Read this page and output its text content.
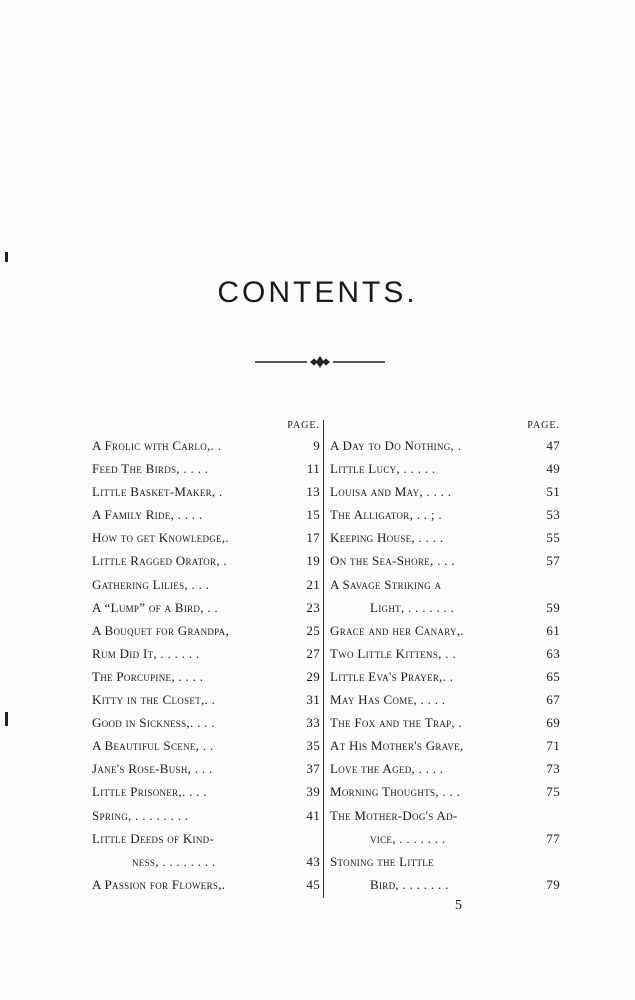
CONTENTS.
PAGE.
A Frolic with Carlo,. .	9
Feed The Birds, . . . .	11
Little Basket-Maker, .	13
A Family Ride, . . . .	15
How to get Knowledge,.	17
Little Ragged Orator, .	19
Gathering Lilies, . . .	21
A “Lump” of a Bird, . .	23
A Bouquet for Grandpa,	25
Rum Did It, . . . . . .	27
The Porcupine, . . . .	29
Kitty in the Closet,. .	31
Good in Sickness,. . . .	33
A Beautiful Scene, . .	35
Jane's Rose-Bush, . . .	37
Little Prisoner,. . . .	39
Spring, . . . . . . . .	41
Little Deeds of Kind-
ness, . . . . . . . .	43
A Passion for Flowers,.	45
PAGE.
A Day to Do Nothing, .	47
Little Lucy, . . . . .	49
Louisa and May, . . . .	51
The Alligator, . . ; .	53
Keeping House, . . . .	55
On the Sea-Shore, . . .	57
A Savage Striking a
Light, . . . . . . .	59
Grace and her Canary,.	61
Two Little Kittens, . .	63
Little Eva's Prayer,. .	65
May Has Come, . . . .	67
The Fox and the Trap, .	69
At His Mother's Grave,	71
Love the Aged, . . . .	73
Morning Thoughts, . . .	75
The Mother-Dog's Ad-
vice, . . . . . . .	77
Stoning the Little
Bird, . . . . . . .	79
5
